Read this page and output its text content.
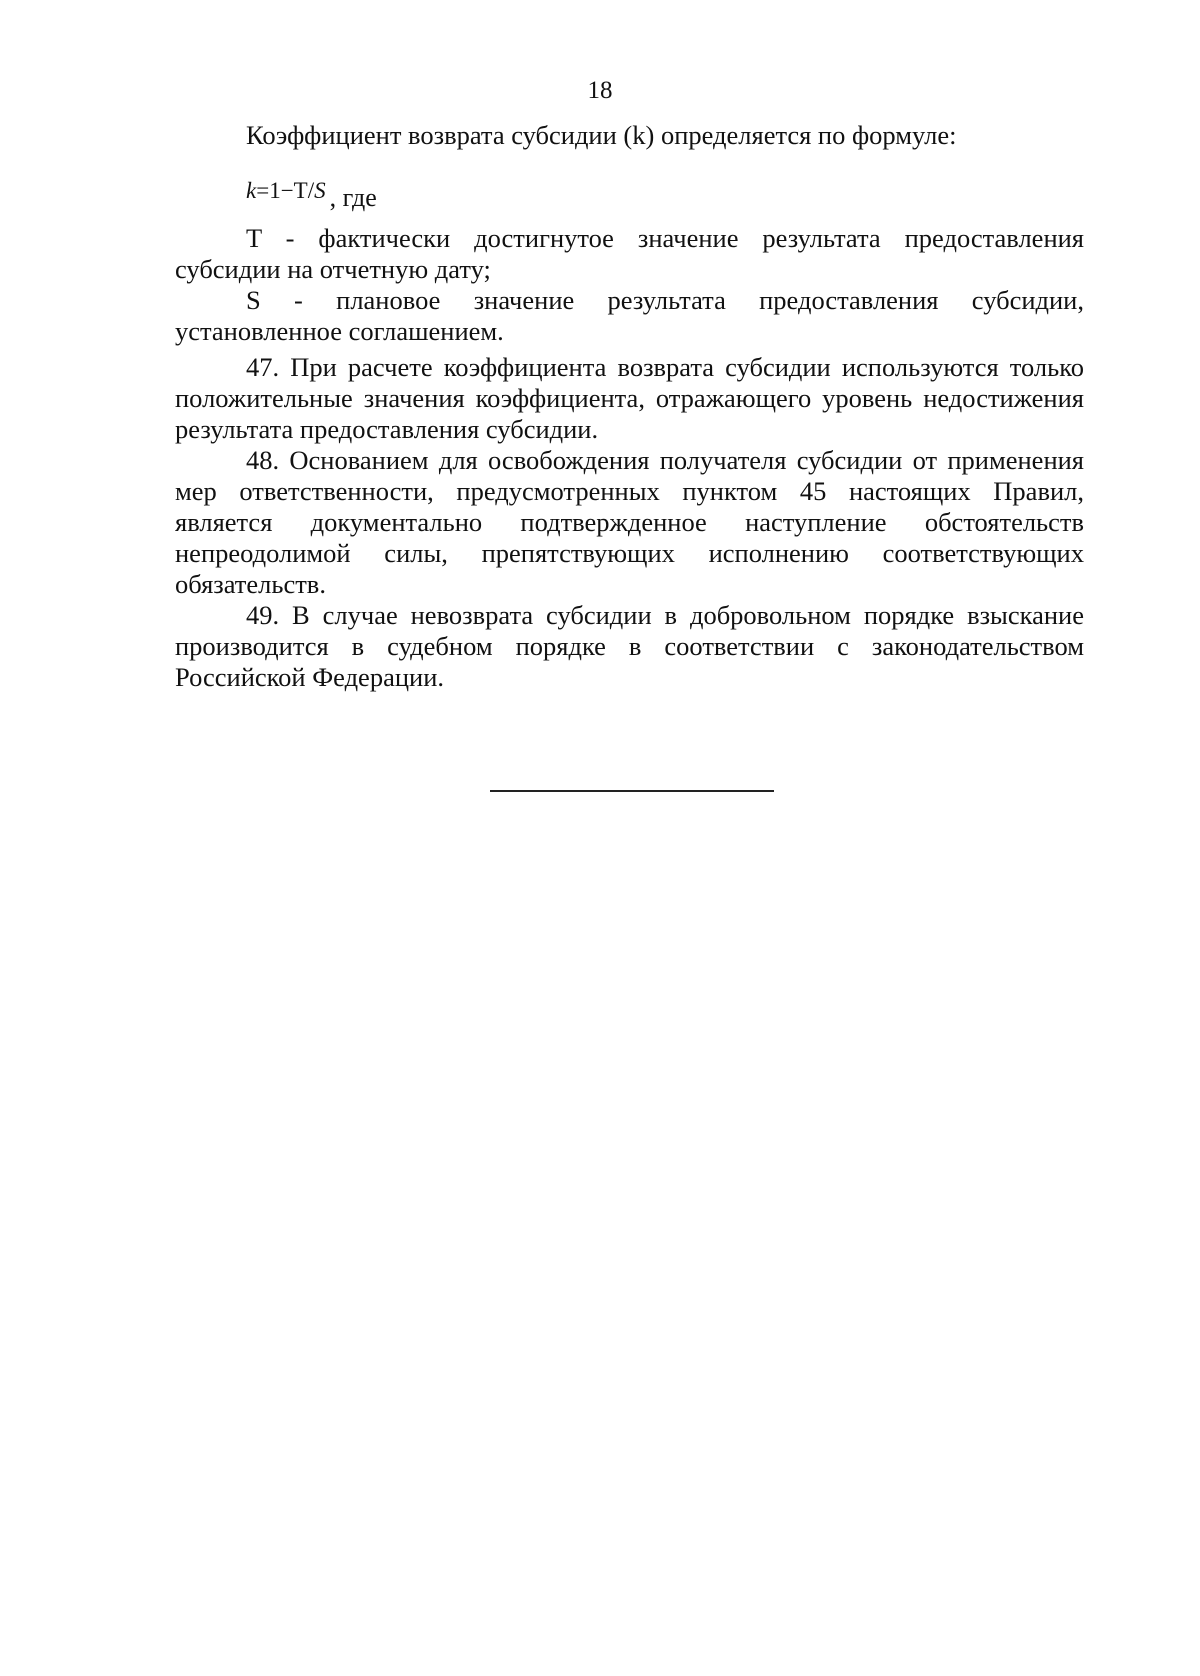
18

Коэффициент возврата субсидии (k) определяется по формуле:

k=1−T/S , где

T - фактически достигнутое значение результата предоставления субсидии на отчетную дату;

S - плановое значение результата предоставления субсидии, установленное соглашением.

47. При расчете коэффициента возврата субсидии используются только положительные значения коэффициента, отражающего уровень недостижения результата предоставления субсидии.

48. Основанием для освобождения получателя субсидии от применения мер ответственности, предусмотренных пунктом 45 настоящих Правил, является документально подтвержденное наступление обстоятельств непреодолимой силы, препятствующих исполнению соответствующих обязательств.

49. В случае невозврата субсидии в добровольном порядке взыскание производится в судебном порядке в соответствии с законодательством Российской Федерации.
